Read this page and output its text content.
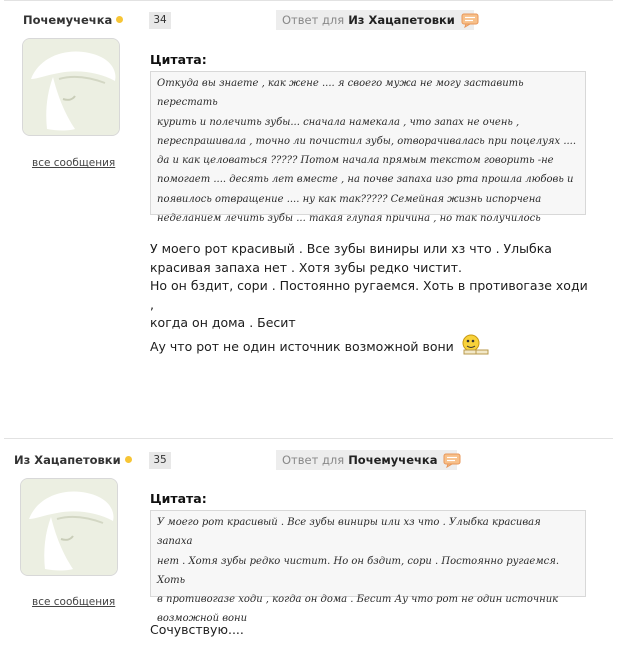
Почемучечка
все сообщения
34	Ответ для Из Хацапетовки
Цитата:
Откуда вы знаете , как жене .... я своего мужа не могу заставить перестать
курить и полечить зубы... сначала намекала , что запах не очень ,
переспрашивала , точно ли почистил зубы, отворачивалась при поцелуях ....
да и как целоваться ????? Потом начала прямым текстом говорить -не
помогает .... десять лет вместе , на почве запаха изо рта прошла любовь и
появилось отвращение .... ну как так????? Семейная жизнь испорчена
неделанием лечить зубы ... такая глупая причина , но так получилось
У моего рот красивый . Все зубы виниры или хз что . Улыбка
красивая запаха нет . Хотя зубы редко чистит.
Но он бздит, сори . Постоянно ругаемся. Хоть в противогазе ходи ,
когда он дома . Бесит
Ау что рот не один источник возможной вони
Из Хацапетовки
все сообщения
35	Ответ для Почемучечка
Цитата:
У моего рот красивый . Все зубы виниры или хз что . Улыбка красивая запаха
нет . Хотя зубы редко чистит. Но он бздит, сори . Постоянно ругаемся. Хоть
в противогазе ходи , когда он дома . Бесит Ау что рот не один источник
возможной вони
Сочувствую....
